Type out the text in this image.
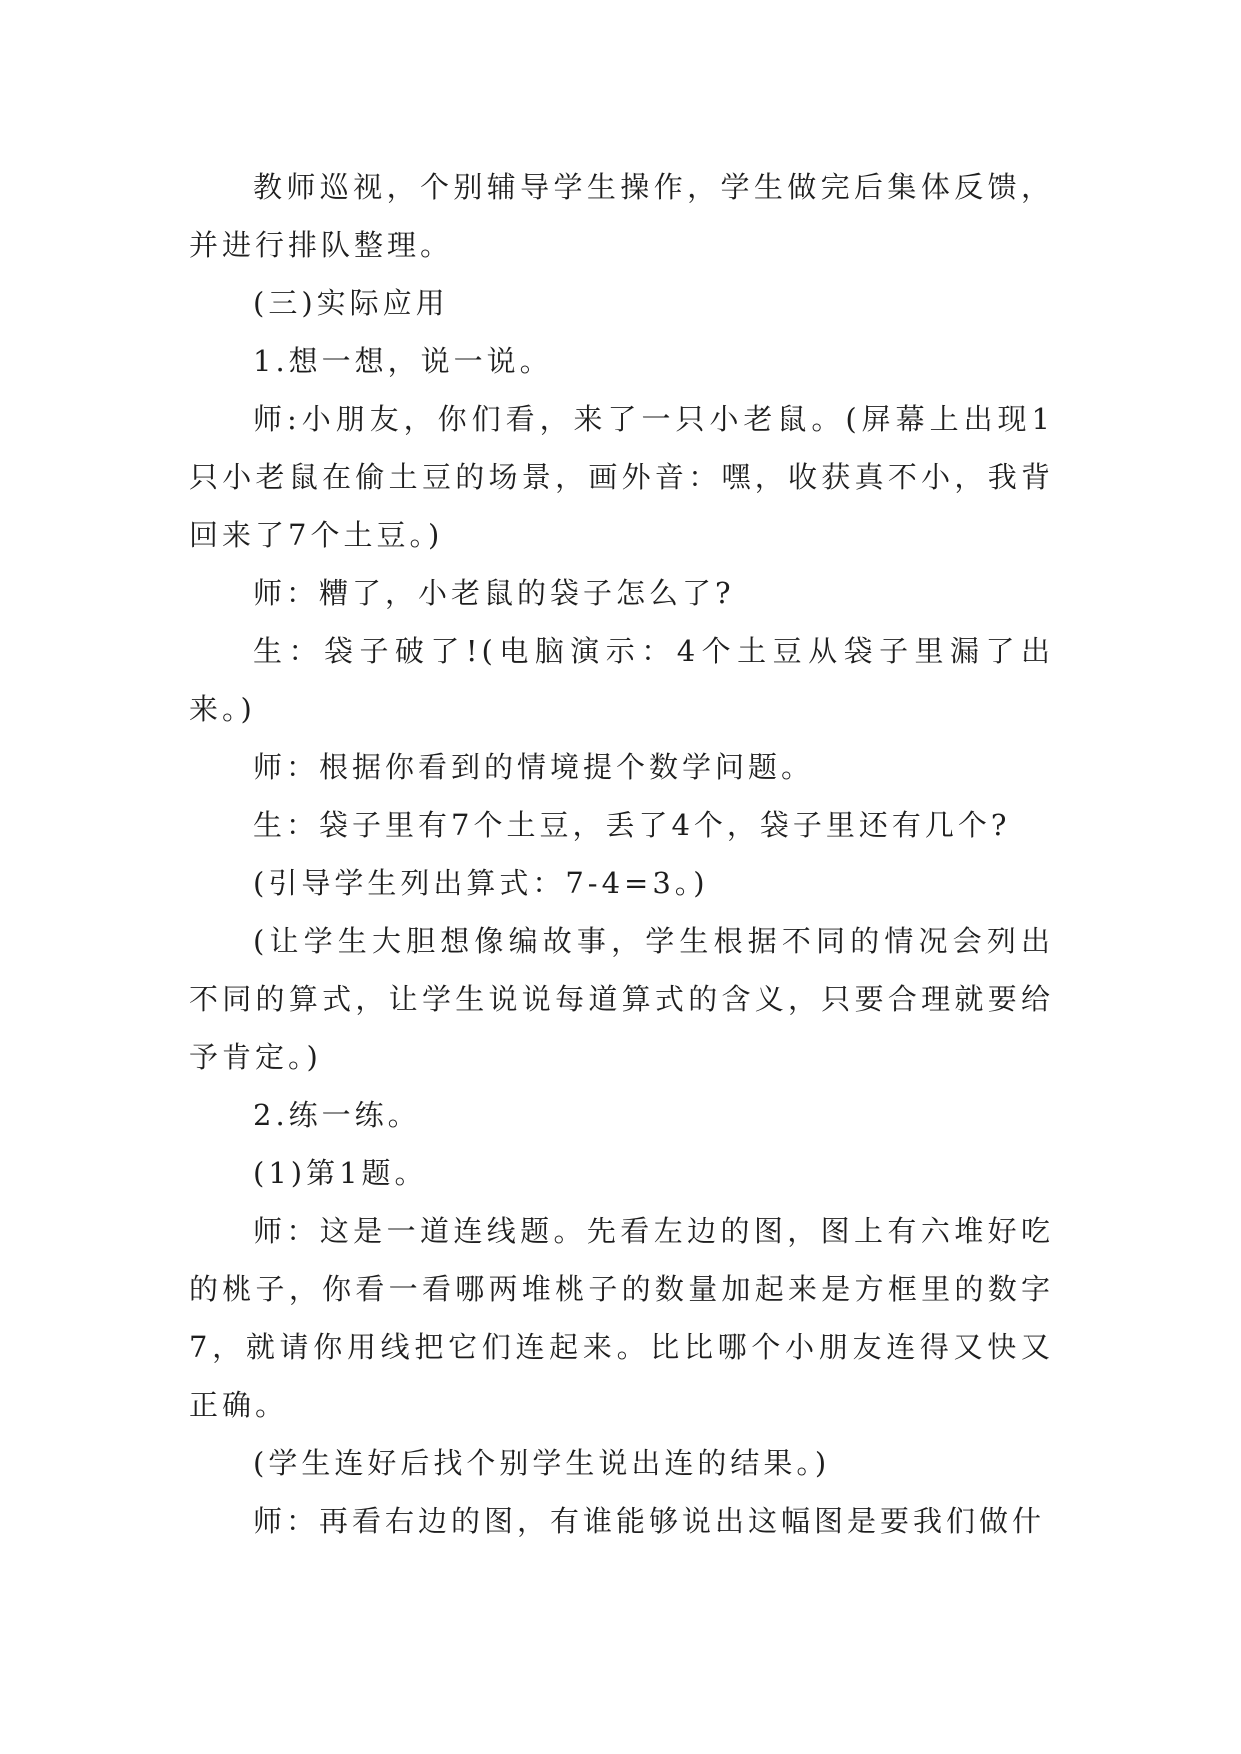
教师巡视，个别辅导学生操作，学生做完后集体反馈，并进行排队整理。

(三)实际应用

1.想一想，说一说。

师:小朋友，你们看，来了一只小老鼠。(屏幕上出现1只小老鼠在偷土豆的场景，画外音：嘿，收获真不小，我背回来了7个土豆。)

师：糟了，小老鼠的袋子怎么了?

生：袋子破了!(电脑演示：4个土豆从袋子里漏了出来。)

师：根据你看到的情境提个数学问题。

生：袋子里有7个土豆，丢了4个，袋子里还有几个?

(引导学生列出算式：7-4=3。)

(让学生大胆想像编故事，学生根据不同的情况会列出不同的算式，让学生说说每道算式的含义，只要合理就要给予肯定。)

2.练一练。

(1)第1题。

师：这是一道连线题。先看左边的图，图上有六堆好吃的桃子，你看一看哪两堆桃子的数量加起来是方框里的数字7，就请你用线把它们连起来。比比哪个小朋友连得又快又正确。

(学生连好后找个别学生说出连的结果。)

师：再看右边的图，有谁能够说出这幅图是要我们做什
